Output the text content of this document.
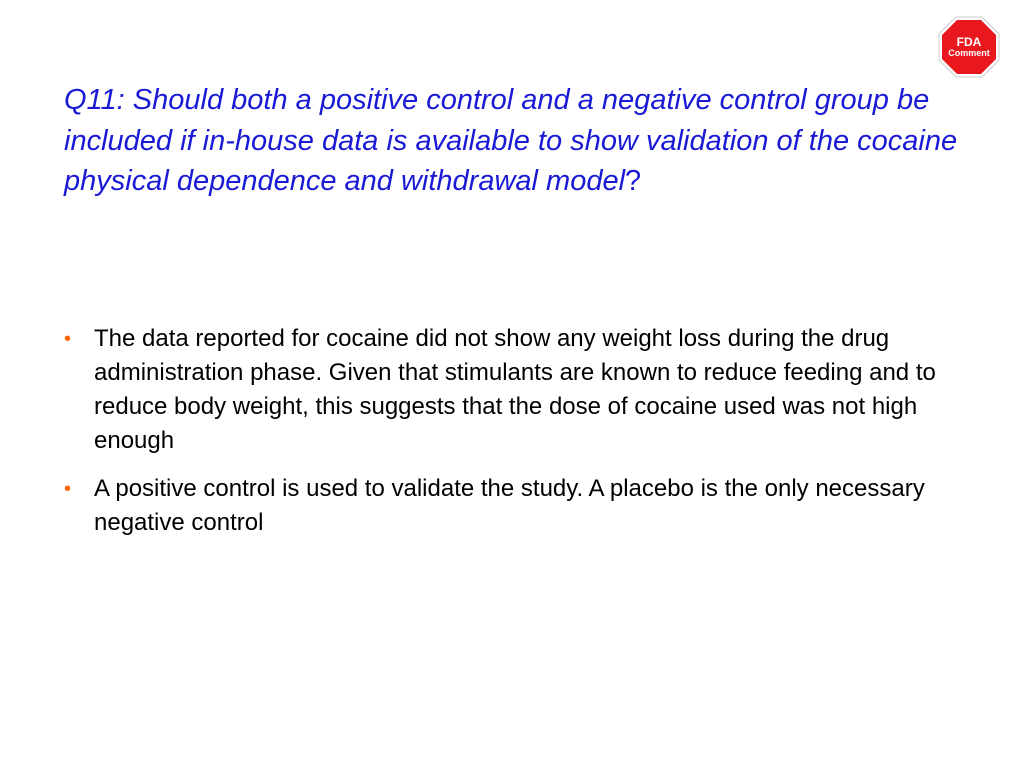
FDA
Comment
Q11: Should both a positive control and a negative control group be included if in-house data is available to show validation of the cocaine physical dependence and withdrawal model?
• The data reported for cocaine did not show any weight loss during the drug administration phase. Given that stimulants are known to reduce feeding and to reduce body weight, this suggests that the dose of cocaine used was not high enough
• A positive control is used to validate the study. A placebo is the only necessary negative control
